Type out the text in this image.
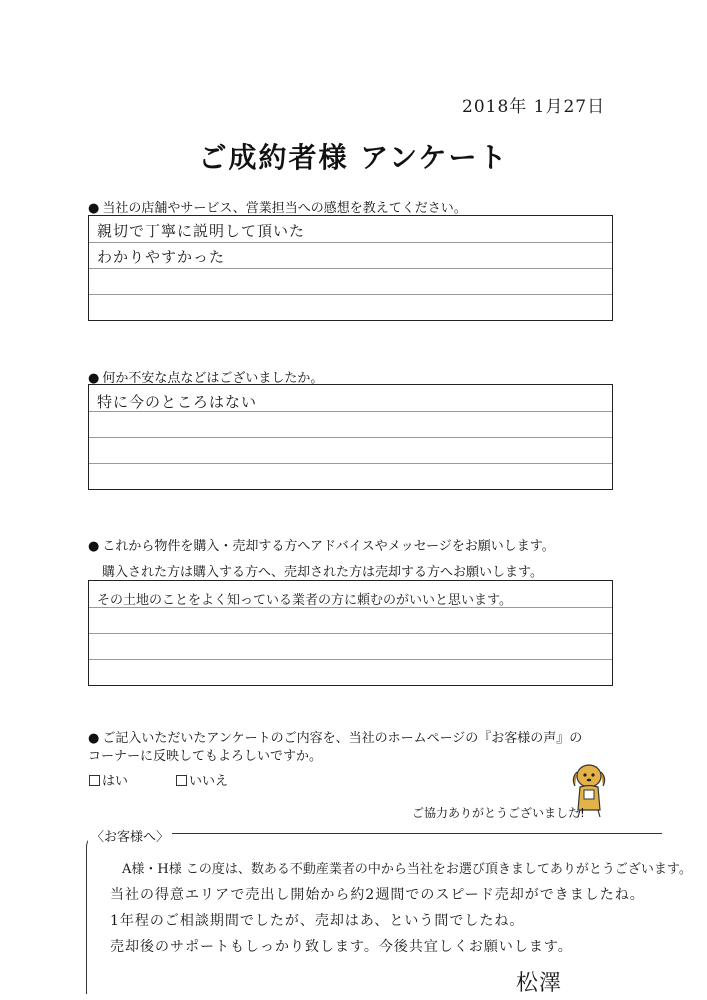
2018年 1月27日
ご成約者様 アンケート
● 当社の店舗やサービス、営業担当への感想を教えてください。
親切で丁寧に説明して頂いた
わかりやすかった
● 何か不安な点などはございましたか。
特に今のところはない
● これから物件を購入・売却する方へアドバイスやメッセージをお願いします。
購入された方は購入する方へ、売却された方は売却する方へお願いします。
その土地のことをよく知っている業者の方に頼むのがいいと思います。
● ご記入いただいたアンケートのご内容を、当社のホームページの『お客様の声』の
コーナーに反映してもよろしいですか。
はい	いいえ
ご協力ありがとうございました!
〈お客様へ〉
A様・H様 この度は、数ある不動産業者の中から当社をお選び頂きましてありがとうございます。
当社の得意エリアで売出し開始から約2週間でのスピード売却ができましたね。
1年程のご相談期間でしたが、売却はあ、という間でしたね。
売却後のサポートもしっかり致します。今後共宜しくお願いします。
松澤
